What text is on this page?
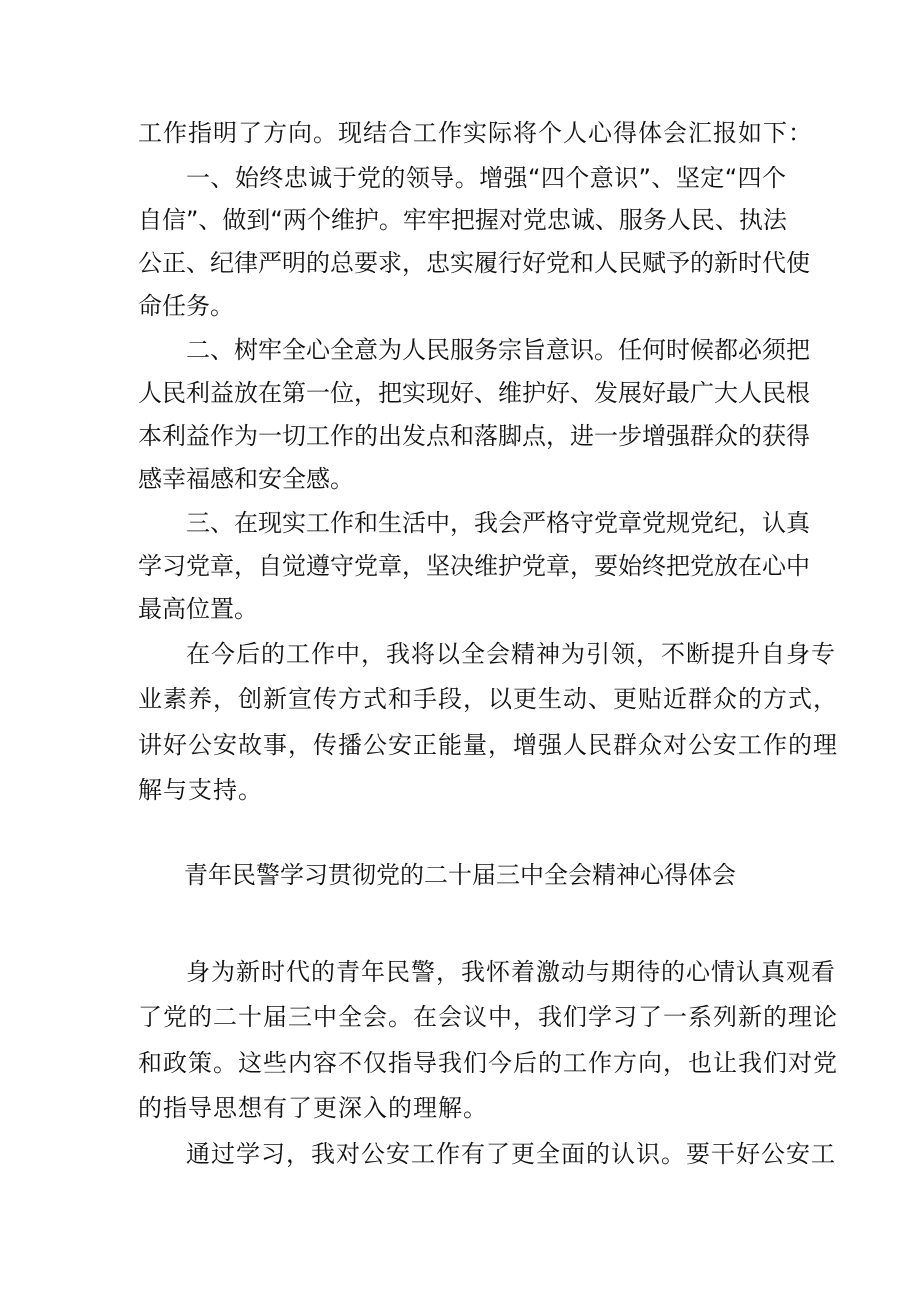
工作指明了方向。现结合工作实际将个人心得体会汇报如下：
一、始终忠诚于党的领导。增强“四个意识”、坚定“四个
自信”、做到“两个维护。牢牢把握对党忠诚、服务人民、执法
公正、纪律严明的总要求，忠实履行好党和人民赋予的新时代使
命任务。
二、树牢全心全意为人民服务宗旨意识。任何时候都必须把
人民利益放在第一位，把实现好、维护好、发展好最广大人民根
本利益作为一切工作的出发点和落脚点，进一步增强群众的获得
感幸福感和安全感。
三、在现实工作和生活中，我会严格守党章党规党纪，认真
学习党章，自觉遵守党章，坚决维护党章，要始终把党放在心中
最高位置。
在今后的工作中，我将以全会精神为引领，不断提升自身专
业素养，创新宣传方式和手段，以更生动、更贴近群众的方式，
讲好公安故事，传播公安正能量，增强人民群众对公安工作的理
解与支持。
青年民警学习贯彻党的二十届三中全会精神心得体会
身为新时代的青年民警，我怀着激动与期待的心情认真观看
了党的二十届三中全会。在会议中，我们学习了一系列新的理论
和政策。这些内容不仅指导我们今后的工作方向，也让我们对党
的指导思想有了更深入的理解。
通过学习，我对公安工作有了更全面的认识。要干好公安工
